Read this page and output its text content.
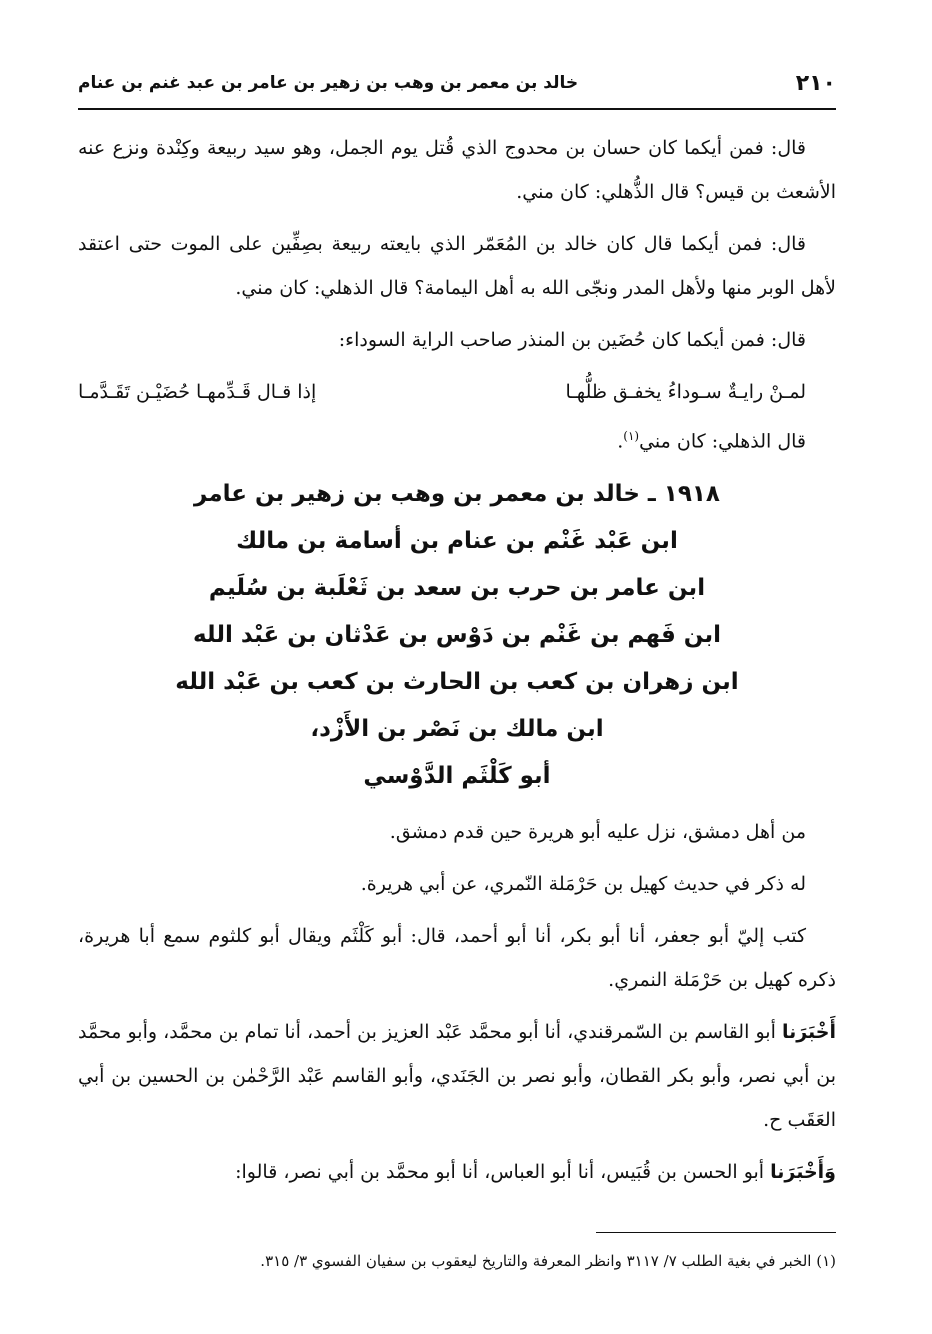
٢١٠
خالد بن معمر بن وهب بن زهير بن عامر بن عبد غنم بن عنام

قال: فمن أيكما كان حسان بن محدوج الذي قُتل يوم الجمل، وهو سيد ربيعة وكِنْدة ونزع عنه الأشعث بن قيس؟ قال الذُّهلي: كان مني.

قال: فمن أيكما قال كان خالد بن المُعَمّر الذي بايعته ربيعة بصِفِّين على الموت حتى اعتقد لأهل الوبر منها ولأهل المدر ونجّى الله به أهل اليمامة؟ قال الذهلي: كان مني.

قال: فمن أيكما كان حُضَين بن المنذر صاحب الراية السوداء:

لمـنْ رايـةٌ سـوداءُ يخفـق ظلُّهـا
إذا قـال قَـدِّمهـا حُضَيْـن تَقَـدَّمـا

قال الذهلي: كان مني$^{(١)}$.

١٩١٨ ـ خالد بن معمر بن وهب بن زهير بن عامر
ابن عَبْد غَنْم بن عنام بن أسامة بن مالك
ابن عامر بن حرب بن سعد بن ثَعْلَبة بن سُلَيم
ابن فَهم بن غَنْم بن دَوْس بن عَدْثان بن عَبْد الله
ابن زهران بن كعب بن الحارث بن كعب بن عَبْد الله
ابن مالك بن نَصْر بن الأَزْد،
أبو كَلْثَم الدَّوْسي

من أهل دمشق، نزل عليه أبو هريرة حين قدم دمشق.

له ذكر في حديث كهيل بن حَرْمَلة النّمري، عن أبي هريرة.

كتب إليّ أبو جعفر، أنا أبو بكر، أنا أبو أحمد، قال: أبو كَلْثَم ويقال أبو كلثوم سمع أبا هريرة، ذكره كهيل بن حَرْمَلة النمري.

أَخْبَرَنا أبو القاسم بن السّمرقندي، أنا أبو محمَّد عَبْد العزيز بن أحمد، أنا تمام بن محمَّد، وأبو محمَّد بن أبي نصر، وأبو بكر القطان، وأبو نصر بن الجَنَدي، وأبو القاسم عَبْد الرَّحْمٰن بن الحسين بن أبي العَقَب ح.

وَأَخْبَرَنا أبو الحسن بن قُبَيس، أنا أبو العباس، أنا أبو محمَّد بن أبي نصر، قالوا:

(١) الخبر في بغية الطلب ٧/ ٣١١٧ وانظر المعرفة والتاريخ ليعقوب بن سفيان الفسوي ٣/ ٣١٥.
